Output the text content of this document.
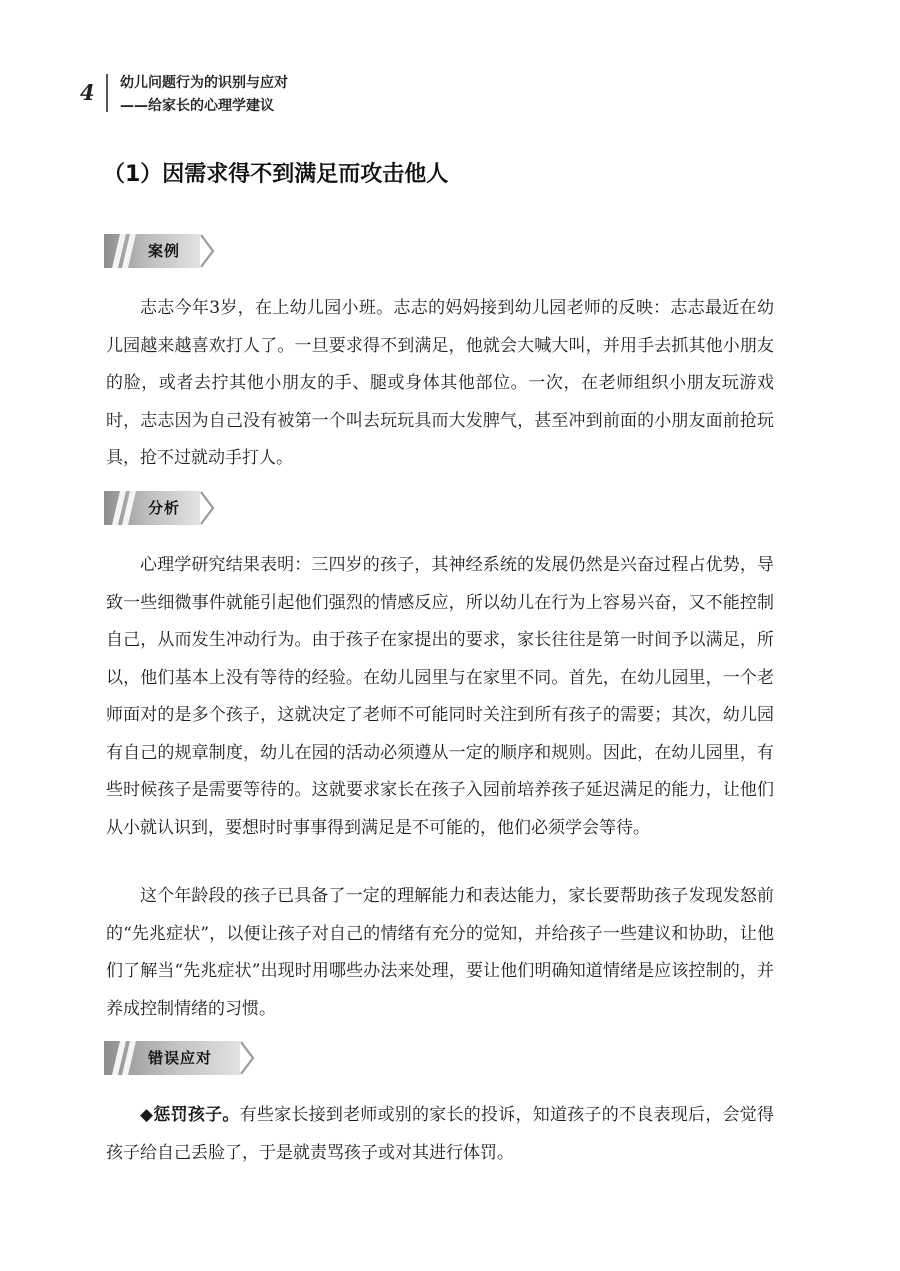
4	幼儿问题行为的识别与应对
——给家长的心理学建议
（1）因需求得不到满足而攻击他人
案例

志志今年3岁，在上幼儿园小班。志志的妈妈接到幼儿园老师的反映：志志最近在幼儿园越来越喜欢打人了。一旦要求得不到满足，他就会大喊大叫，并用手去抓其他小朋友的脸，或者去拧其他小朋友的手、腿或身体其他部位。一次，在老师组织小朋友玩游戏时，志志因为自己没有被第一个叫去玩玩具而大发脾气，甚至冲到前面的小朋友面前抢玩具，抢不过就动手打人。

分析

心理学研究结果表明：三四岁的孩子，其神经系统的发展仍然是兴奋过程占优势，导致一些细微事件就能引起他们强烈的情感反应，所以幼儿在行为上容易兴奋，又不能控制自己，从而发生冲动行为。由于孩子在家提出的要求，家长往往是第一时间予以满足，所以，他们基本上没有等待的经验。在幼儿园里与在家里不同。首先，在幼儿园里，一个老师面对的是多个孩子，这就决定了老师不可能同时关注到所有孩子的需要；其次，幼儿园有自己的规章制度，幼儿在园的活动必须遵从一定的顺序和规则。因此，在幼儿园里，有些时候孩子是需要等待的。这就要求家长在孩子入园前培养孩子延迟满足的能力，让他们从小就认识到，要想时时事事得到满足是不可能的，他们必须学会等待。

这个年龄段的孩子已具备了一定的理解能力和表达能力，家长要帮助孩子发现发怒前的“先兆症状”，以便让孩子对自己的情绪有充分的觉知，并给孩子一些建议和协助，让他们了解当“先兆症状”出现时用哪些办法来处理，要让他们明确知道情绪是应该控制的，并养成控制情绪的习惯。

错误应对

◆惩罚孩子。有些家长接到老师或别的家长的投诉，知道孩子的不良表现后，会觉得孩子给自己丢脸了，于是就责骂孩子或对其进行体罚。
